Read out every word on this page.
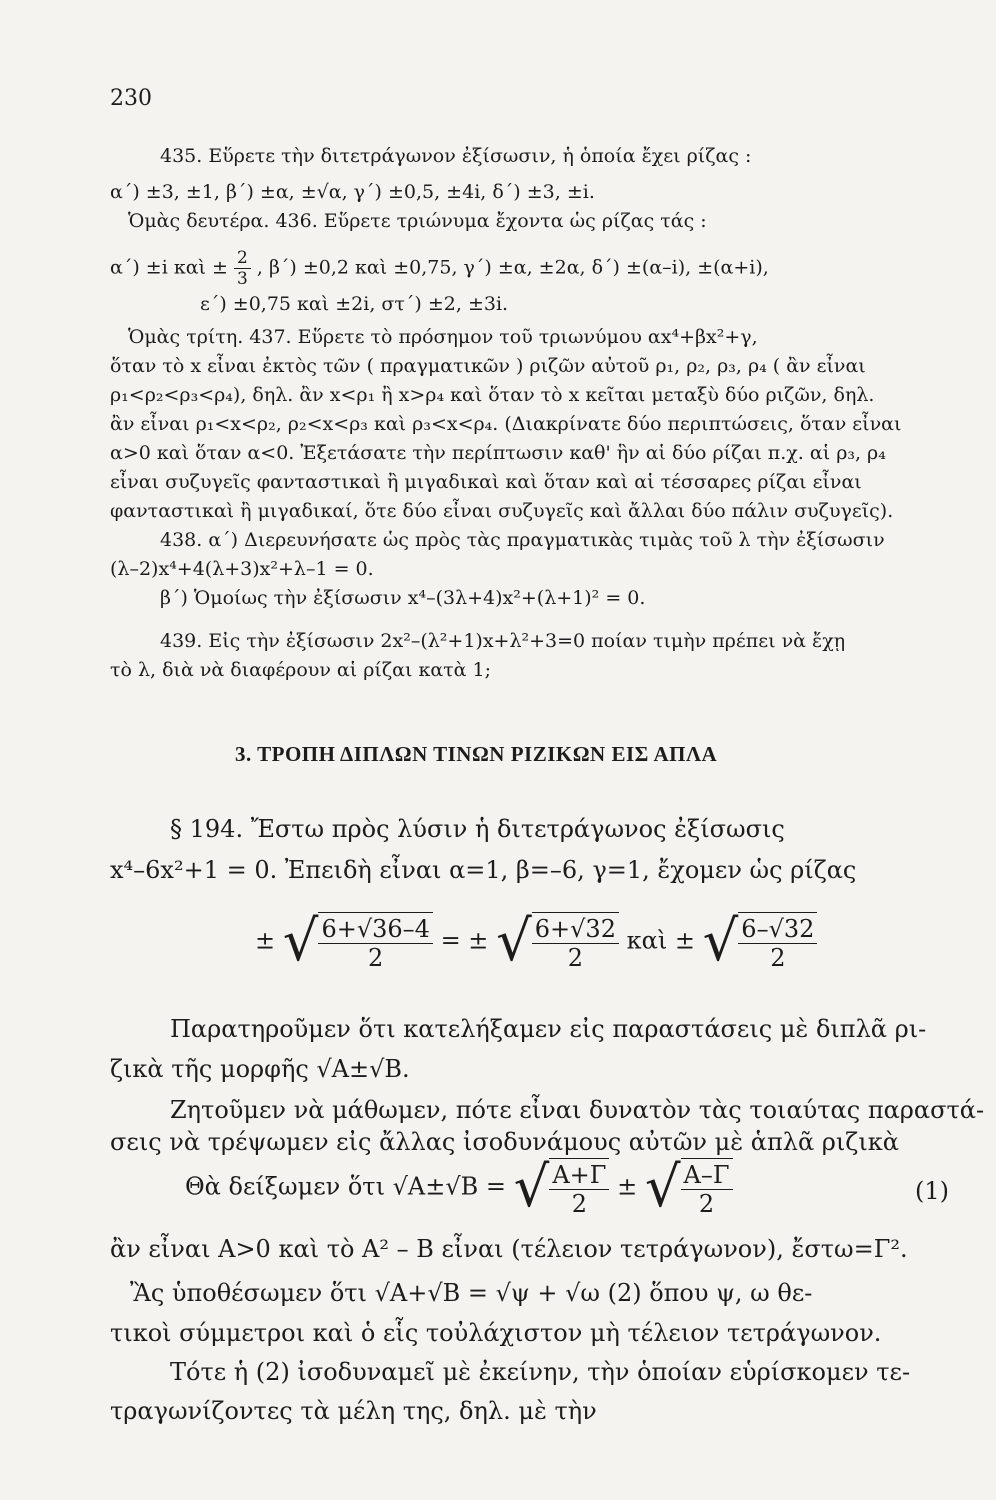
230
435. Εὕρετε τὴν διτετράγωνον ἐξίσωσιν, ἡ ὁποία ἔχει ρίζας :
α΄) ±3, ±1, β΄) ±α, ±√α, γ΄) ±0,5, ±4i, δ΄) ±3, ±i.
Ὁμὰς δευτέρα. 436. Εὕρετε τριώνυμα ἔχοντα ὡς ρίζας τάς :
α΄) ±i καὶ ± $\frac{2}{3}$ , β΄) ±0,2 καὶ ±0,75, γ΄) ±α, ±2α, δ΄) ±(α–i), ±(α+i),
ε΄) ±0,75 καὶ ±2i, στ΄) ±2, ±3i.
Ὁμὰς τρίτη. 437. Εὕρετε τὸ πρόσημον τοῦ τριωνύμου αx⁴+βx²+γ,
ὅταν τὸ x εἶναι ἐκτὸς τῶν ( πραγματικῶν ) ριζῶν αὐτοῦ ρ₁, ρ₂, ρ₃, ρ₄ ( ἂν εἶναι
ρ₁<ρ₂<ρ₃<ρ₄), δηλ. ἂν x<ρ₁ ἢ x>ρ₄ καὶ ὅταν τὸ x κεῖται μεταξὺ δύο ριζῶν, δηλ.
ἂν εἶναι ρ₁<x<ρ₂, ρ₂<x<ρ₃ καὶ ρ₃<x<ρ₄. (Διακρίνατε δύο περιπτώσεις, ὅταν εἶναι
α>0 καὶ ὅταν α<0. Ἐξετάσατε τὴν περίπτωσιν καθ' ἣν αἱ δύο ρίζαι π.χ. αἱ ρ₃, ρ₄
εἶναι συζυγεῖς φανταστικαὶ ἢ μιγαδικαὶ καὶ ὅταν καὶ αἱ τέσσαρες ρίζαι εἶναι
φανταστικαὶ ἢ μιγαδικαί, ὅτε δύο εἶναι συζυγεῖς καὶ ἄλλαι δύο πάλιν συζυγεῖς).
438. α΄) Διερευνήσατε ὡς πρὸς τὰς πραγματικὰς τιμὰς τοῦ λ τὴν ἐξίσωσιν
(λ–2)x⁴+4(λ+3)x²+λ–1 = 0.
β΄) Ὁμοίως τὴν ἐξίσωσιν x⁴–(3λ+4)x²+(λ+1)² = 0.
439. Εἰς τὴν ἐξίσωσιν 2x²–(λ²+1)x+λ²+3=0 ποίαν τιμὴν πρέπει νὰ ἔχῃ
τὸ λ, διὰ νὰ διαφέρουν αἱ ρίζαι κατὰ 1;
3. ΤΡΟΠΗ ΔΙΠΛΩΝ ΤΙΝΩΝ ΡΙΖΙΚΩΝ ΕΙΣ ΑΠΛΑ
§ 194. Ἔστω πρὸς λύσιν ἡ διτετράγωνος ἐξίσωσις
x⁴–6x²+1 = 0. Ἐπειδὴ εἶναι α=1, β=–6, γ=1, ἔχομεν ὡς ρίζας
± √ $\frac{6+√36-4}{2}$ = ± √ $\frac{6+√32}{2}$ καὶ ± √ $\frac{6-√32}{2}$
Παρατηροῦμεν ὅτι κατελήξαμεν εἰς παραστάσεις μὲ διπλᾶ ρι-
ζικὰ τῆς μορφῆς √A±√B.
Ζητοῦμεν νὰ μάθωμεν, πότε εἶναι δυνατὸν τὰς τοιαύτας παραστά-
σεις νὰ τρέψωμεν εἰς ἄλλας ἰσοδυνάμους αὐτῶν μὲ ἁπλᾶ ριζικὰ
Θὰ δείξωμεν ὅτι √A±√B = √ $\frac{A+\Gamma}{2}$ ± √ $\frac{A-\Gamma}{2}$	(1)
ἂν εἶναι A>0 καὶ τὸ A² – B εἶναι (τέλειον τετράγωνον), ἔστω=Γ².
Ἂς ὑποθέσωμεν ὅτι √A+√B = √ψ + √ω (2) ὅπου ψ, ω θε-
τικοὶ σύμμετροι καὶ ὁ εἷς τοὐλάχιστον μὴ τέλειον τετράγωνον.
Τότε ἡ (2) ἰσοδυναμεῖ μὲ ἐκείνην, τὴν ὁποίαν εὑρίσκομεν τε-
τραγωνίζοντες τὰ μέλη της, δηλ. μὲ τὴν
